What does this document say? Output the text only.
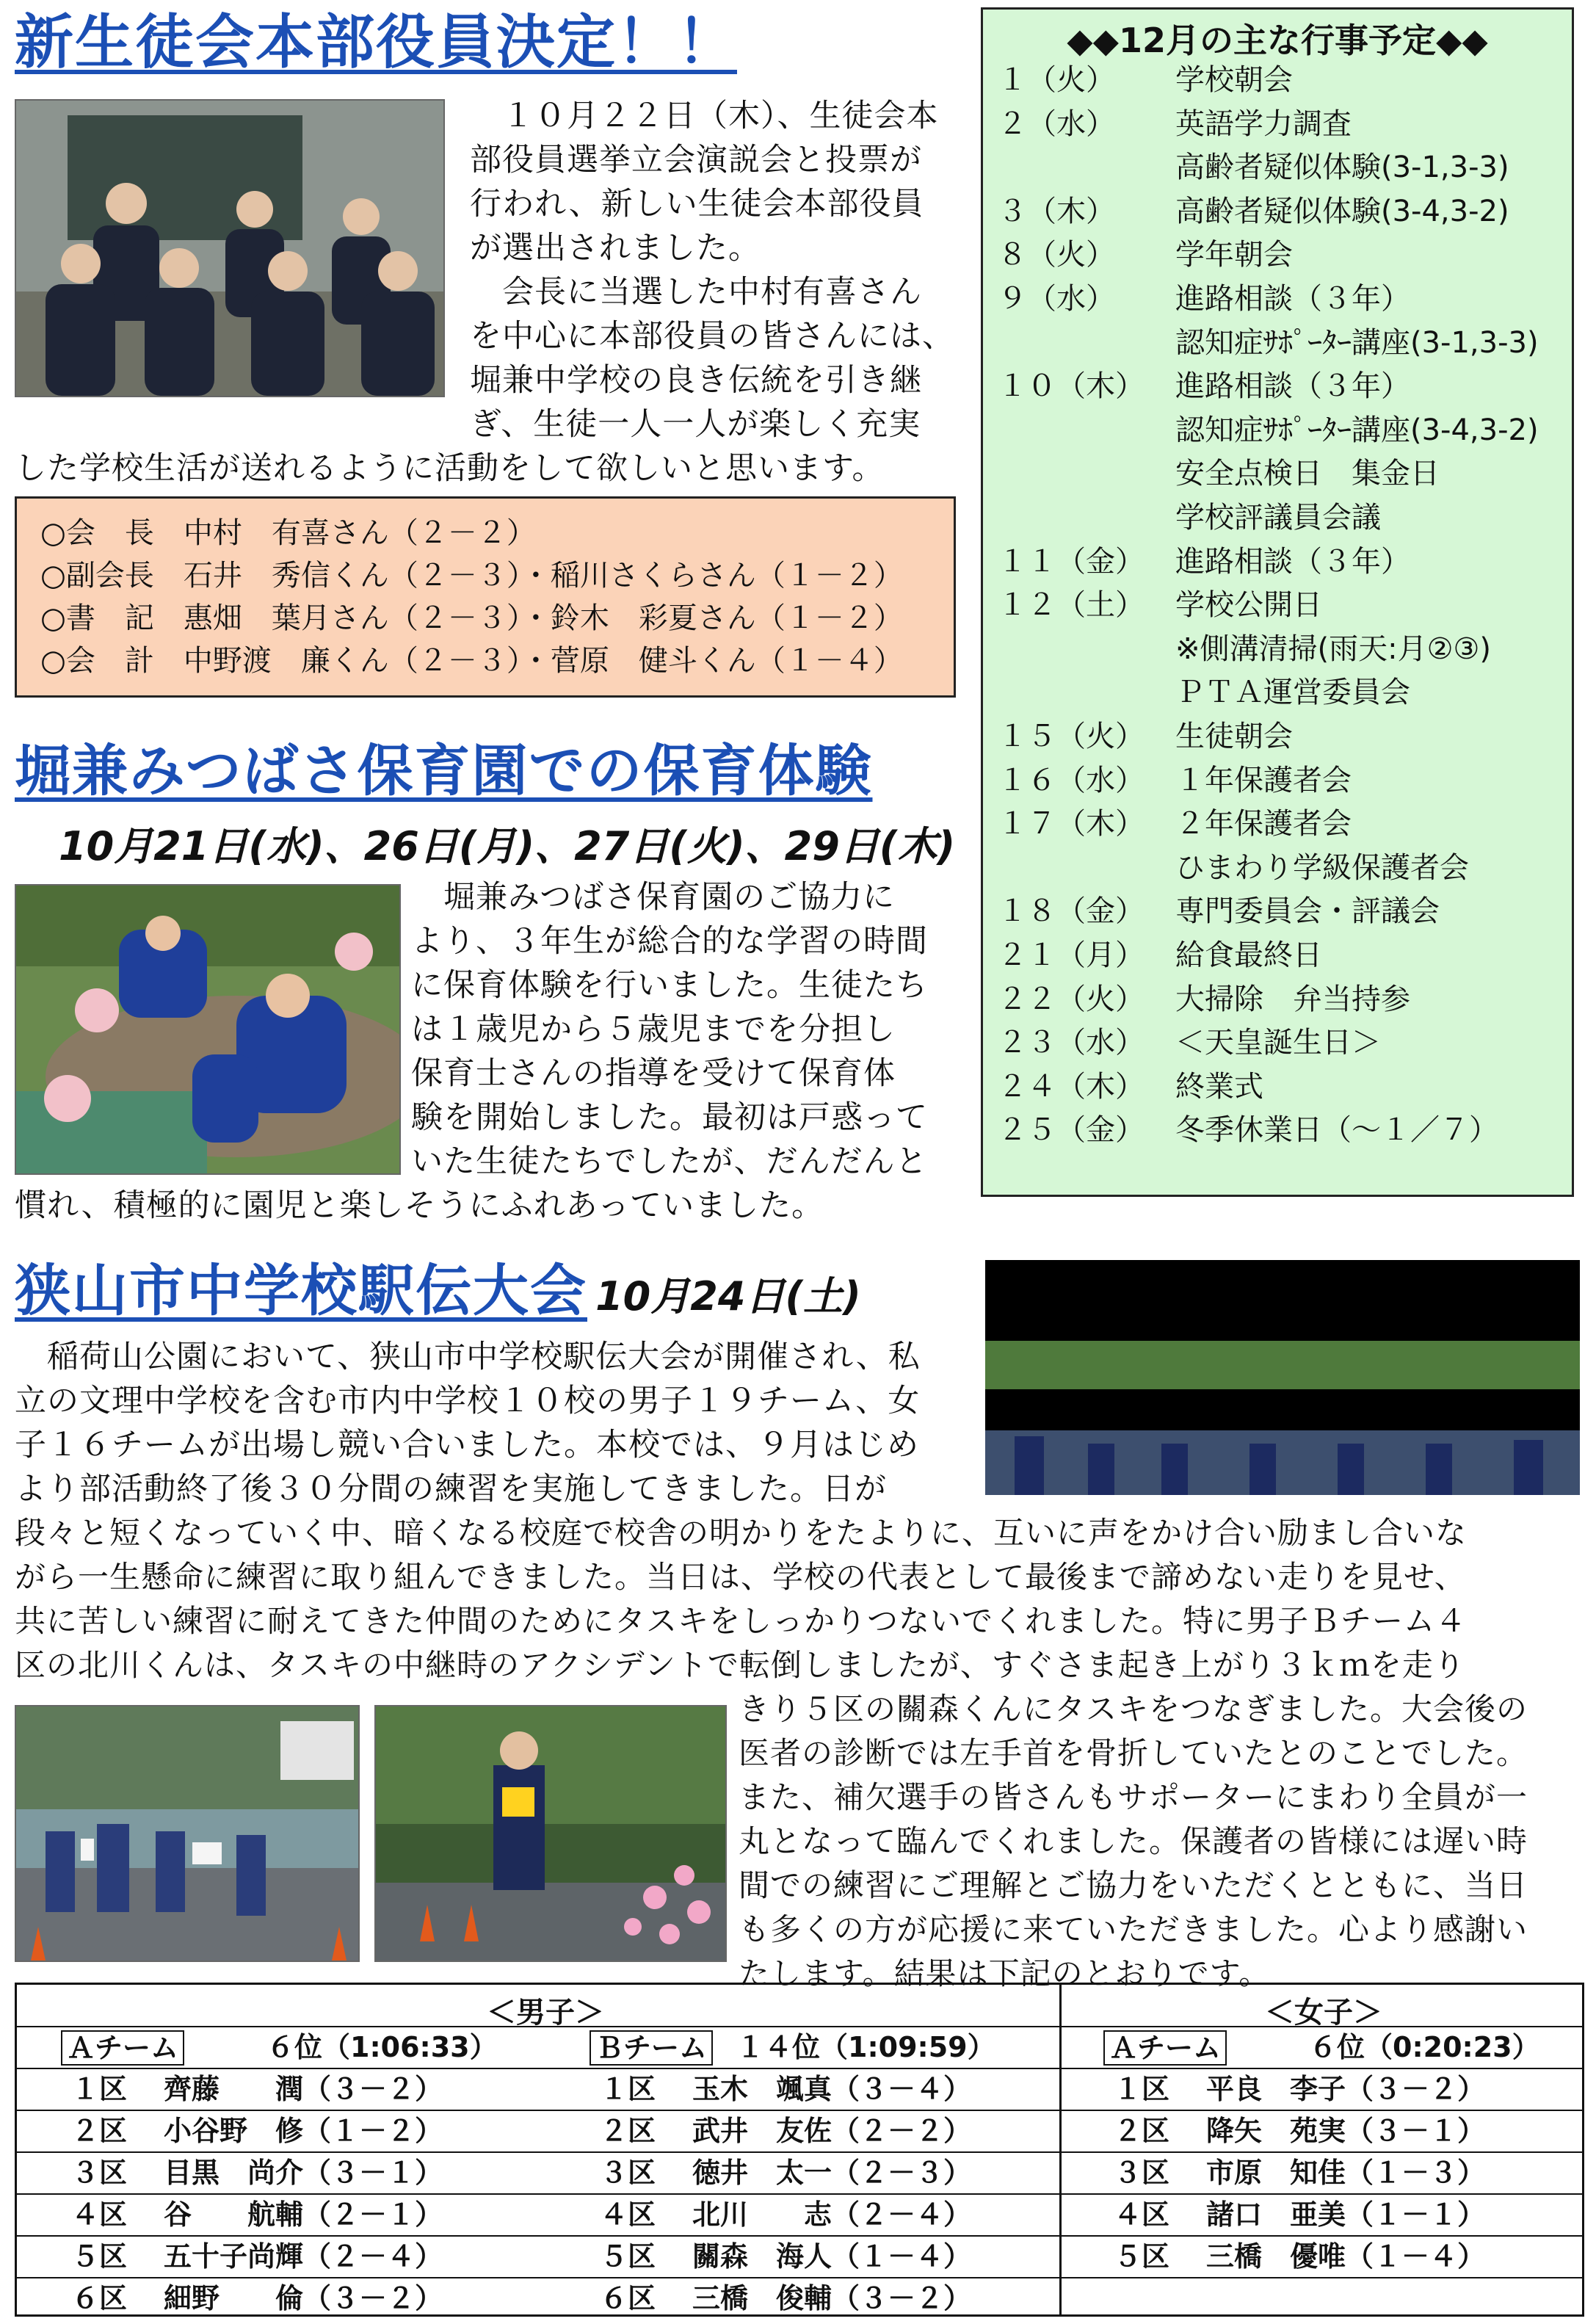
新生徒会本部役員決定！！
　１０月２２日（木）、生徒会本
部役員選挙立会演説会と投票が
行われ、新しい生徒会本部役員
が選出されました。
　会長に当選した中村有喜さん
を中心に本部役員の皆さんには、
堀兼中学校の良き伝統を引き継
ぎ、生徒一人一人が楽しく充実
した学校生活が送れるように活動をして欲しいと思います。
○会　長　中村　有喜さん（２－２）
○副会長　石井　秀信くん（２－３）・稲川さくらさん（１－２）
○書　記　惠畑　葉月さん（２－３）・鈴木　彩夏さん（１－２）
○会　計　中野渡　廉くん（２－３）・菅原　健斗くん（１－４）
堀兼みつばさ保育園での保育体験
10月21日(水)、26日(月)、27日(火)、29日(木)
　堀兼みつばさ保育園のご協力に
より、３年生が総合的な学習の時間
に保育体験を行いました。生徒たち
は１歳児から５歳児までを分担し
保育士さんの指導を受けて保育体
験を開始しました。最初は戸惑って
いた生徒たちでしたが、だんだんと
慣れ、積極的に園児と楽しそうにふれあっていました。
◆◆12月の主な行事予定◆◆
１（火） 学校朝会
２（水） 英語学力調査
高齢者疑似体験(3-1,3-3)
３（木） 高齢者疑似体験(3-4,3-2)
８（火） 学年朝会
９（水） 進路相談（３年）
認知症ｻﾎﾟｰﾀｰ講座(3-1,3-3)
１０（木） 進路相談（３年）
認知症ｻﾎﾟｰﾀｰ講座(3-4,3-2)
安全点検日　集金日
学校評議員会議
１１（金） 進路相談（３年）
１２（土） 学校公開日
※側溝清掃(雨天:月②③)
ＰＴＡ運営委員会
１５（火） 生徒朝会
１６（水） １年保護者会
１７（木） ２年保護者会
ひまわり学級保護者会
１８（金） 専門委員会・評議会
２１（月） 給食最終日
２２（火） 大掃除　弁当持参
２３（水） ＜天皇誕生日＞
２４（木） 終業式
２５（金） 冬季休業日（～１／７）
狭山市中学校駅伝大会 10月24日(土)
　稲荷山公園において、狭山市中学校駅伝大会が開催され、私
立の文理中学校を含む市内中学校１０校の男子１９チーム、女
子１６チームが出場し競い合いました。本校では、９月はじめ
より部活動終了後３０分間の練習を実施してきました。日が
段々と短くなっていく中、暗くなる校庭で校舎の明かりをたよりに、互いに声をかけ合い励まし合いな
がら一生懸命に練習に取り組んできました。当日は、学校の代表として最後まで諦めない走りを見せ、
共に苦しい練習に耐えてきた仲間のためにタスキをしっかりつないでくれました。特に男子Ｂチーム４
区の北川くんは、タスキの中継時のアクシデントで転倒しましたが、すぐさま起き上がり３ｋｍを走り
きり５区の關森くんにタスキをつなぎました。大会後の
医者の診断では左手首を骨折していたとのことでした。
また、補欠選手の皆さんもサポーターにまわり全員が一
丸となって臨んでくれました。保護者の皆様には遅い時
間での練習にご理解とご協力をいただくとともに、当日
も多くの方が応援に来ていただきました。心より感謝い
たします。結果は下記のとおりです。
＜男子＞
Ａチーム	６位（1:06:33）
１区 齊藤　　潤（３－２）
２区 小谷野　修（１－２）
３区 目黒　尚介（３－１）
４区 谷　　航輔（２－１）
５区 五十子尚輝（２－４）
６区 細野　　倫（３－２）
Ｂチーム １４位（1:09:59）
１区 玉木　颯真（３－４）
２区 武井　友佐（２－２）
３区 徳井　太一（２－３）
４区 北川　　志（２－４）
５区 關森　海人（１－４）
６区 三橋　俊輔（３－２）
＜女子＞
Ａチーム	６位（0:20:23）
１区 平良　李子（３－２）
２区 降矢　苑実（３－１）
３区 市原　知佳（１－３）
４区 諸口　亜美（１－１）
５区 三橋　優唯（１－４）
